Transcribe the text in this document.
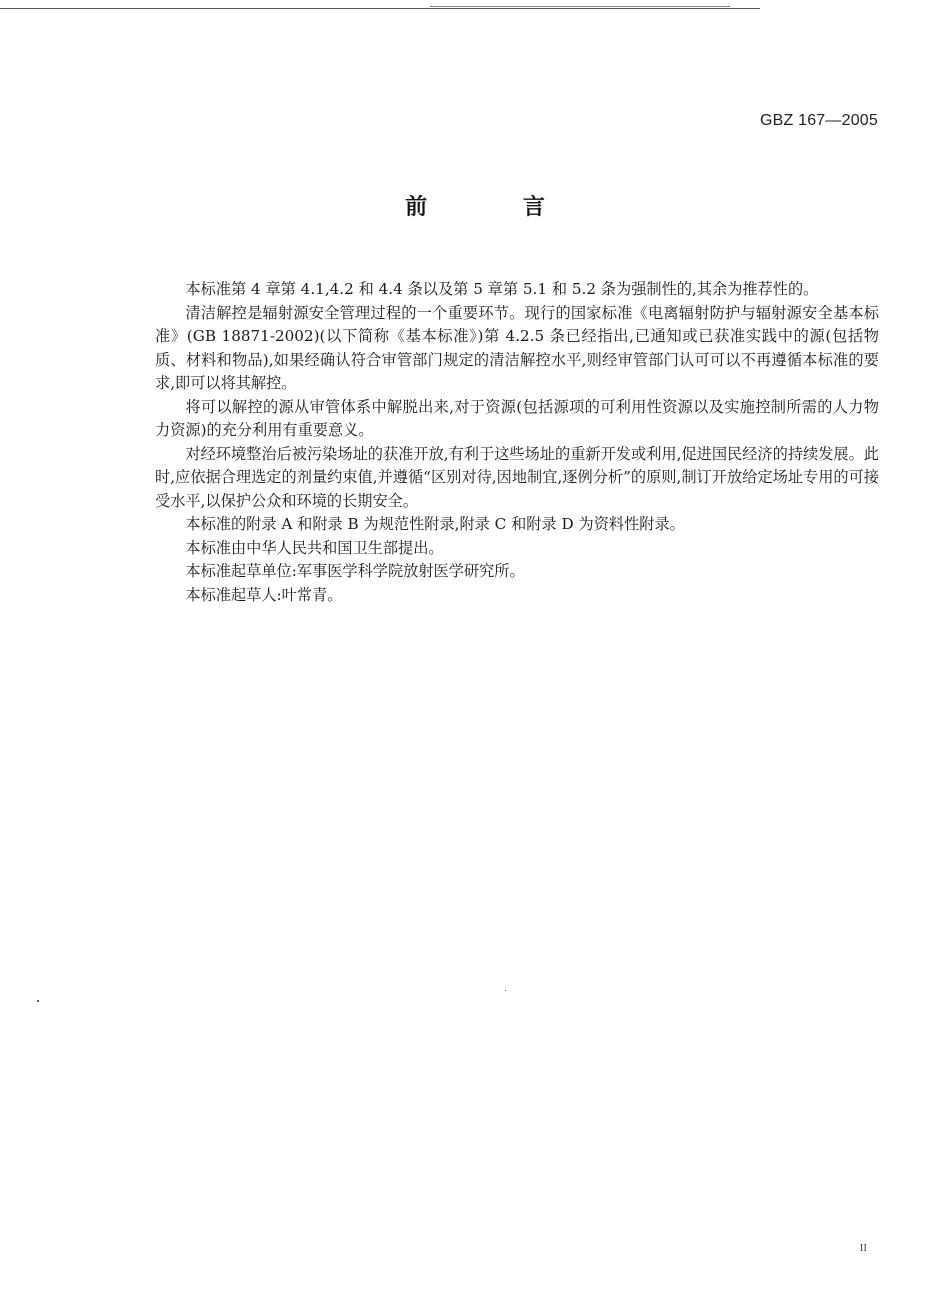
GBZ 167—2005
前 言

本标准第 4 章第 4.1,4.2 和 4.4 条以及第 5 章第 5.1 和 5.2 条为强制性的,其余为推荐性的。

清洁解控是辐射源安全管理过程的一个重要环节。现行的国家标准《电离辐射防护与辐射源安全基本标准》(GB 18871-2002)(以下简称《基本标准》)第 4.2.5 条已经指出,已通知或已获准实践中的源(包括物质、材料和物品),如果经确认符合审管部门规定的清洁解控水平,则经审管部门认可可以不再遵循本标准的要求,即可以将其解控。

将可以解控的源从审管体系中解脱出来,对于资源(包括源项的可利用性资源以及实施控制所需的人力物力资源)的充分利用有重要意义。

对经环境整治后被污染场址的获准开放,有利于这些场址的重新开发或利用,促进国民经济的持续发展。此时,应依据合理选定的剂量约束值,并遵循“区别对待,因地制宜,逐例分析”的原则,制订开放给定场址专用的可接受水平,以保护公众和环境的长期安全。

本标准的附录 A 和附录 B 为规范性附录,附录 C 和附录 D 为资料性附录。

本标准由中华人民共和国卫生部提出。

本标准起草单位:军事医学科学院放射医学研究所。

本标准起草人:叶常青。

II
